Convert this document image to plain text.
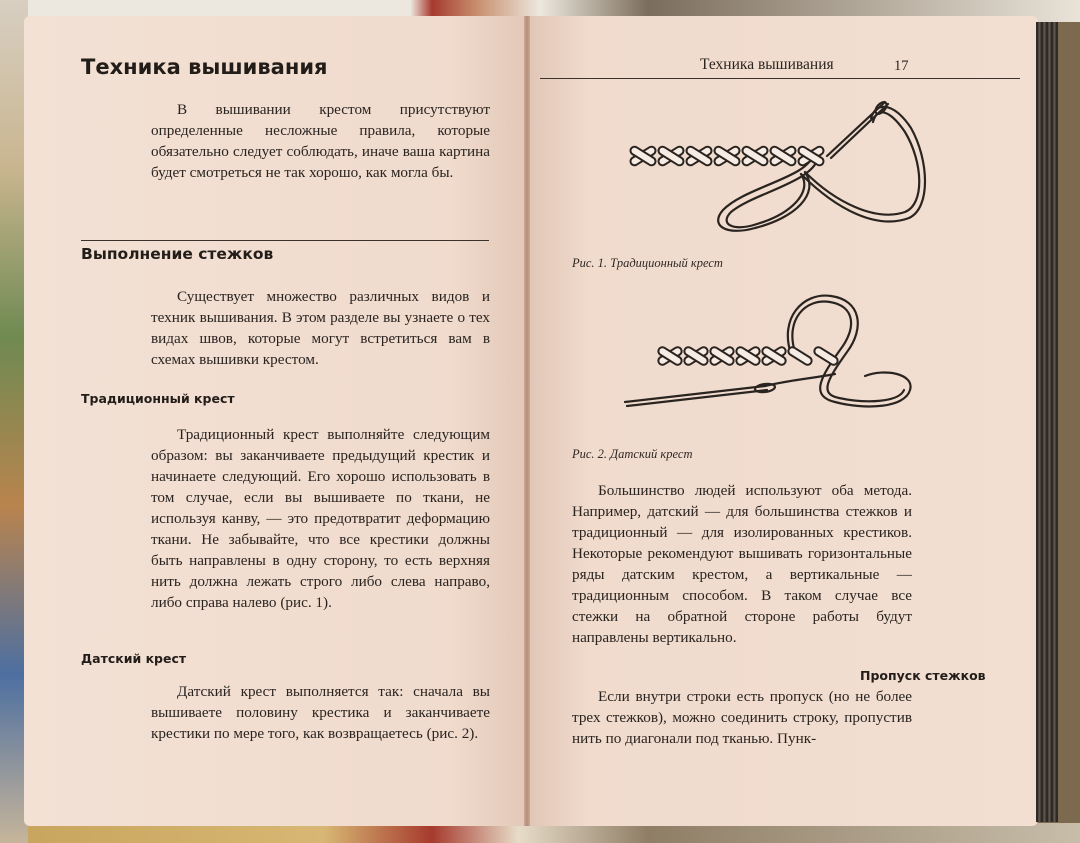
Техника вышивания

В вышивании крестом присутствуют определенные несложные правила, которые обязательно следует соблюдать, иначе ваша картина будет смотреться не так хорошо, как могла бы.

Выполнение стежков

Существует множество различных видов и техник вышивания. В этом разделе вы узнаете о тех видах швов, которые могут встретиться вам в схемах вышивки крестом.

Традиционный крест

Традиционный крест выполняйте следующим образом: вы заканчиваете предыдущий крестик и начинаете следующий. Его хорошо использовать в том случае, если вы вышиваете по ткани, не используя канву, — это предотвратит деформацию ткани. Не забывайте, что все крестики должны быть направлены в одну сторону, то есть верхняя нить должна лежать строго либо слева направо, либо справа налево (рис. 1).

Датский крест

Датский крест выполняется так: сначала вы вышиваете половину крестика и заканчиваете крестики по мере того, как возвращаетесь (рис. 2).

Техника вышивания	17

Рис. 1. Традиционный крест

Рис. 2. Датский крест

Большинство людей используют оба метода. Например, датский — для большинства стежков и традиционный — для изолированных крестиков. Некоторые рекомендуют вышивать горизонтальные ряды датским крестом, а вертикальные — традиционным способом. В таком случае все стежки на обратной стороне работы будут направлены вертикально.

Пропуск стежков

Если внутри строки есть пропуск (но не более трех стежков), можно соединить строку, пропустив нить по диагонали под тканью. Пунк-
